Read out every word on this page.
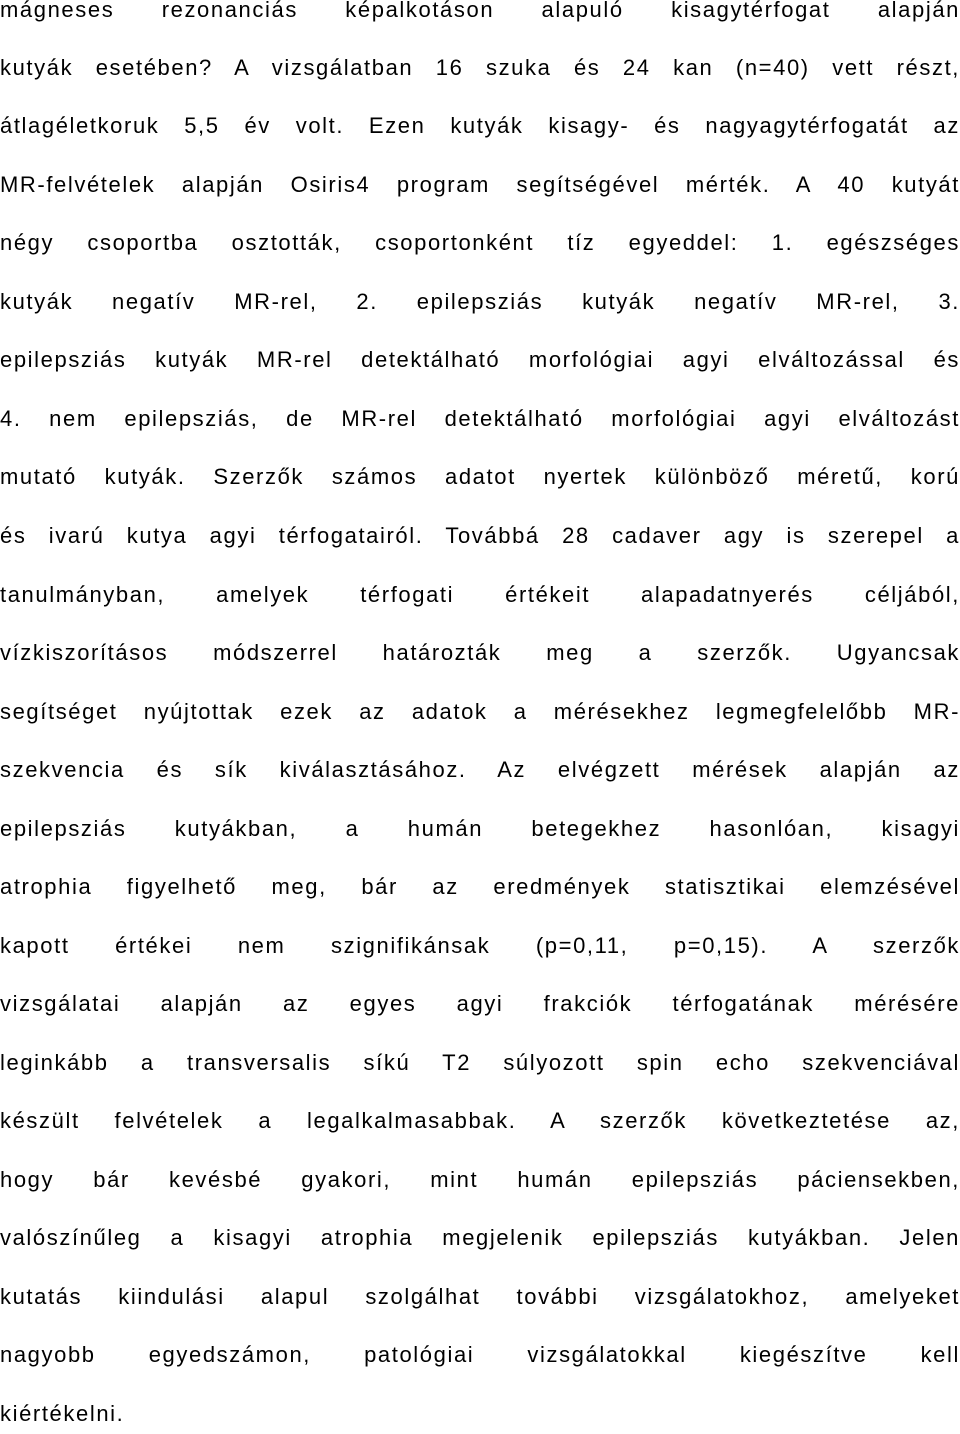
mágneses rezonanciás képalkotáson alapuló kisagytérfogat alapján

kutyák esetében? A vizsgálatban 16 szuka és 24 kan (n=40) vett részt,

átlagéletkoruk 5,5 év volt. Ezen kutyák kisagy- és nagyagytérfogatát az

MR-felvételek alapján Osiris4 program segítségével mérték. A 40 kutyát

négy csoportba osztották, csoportonként tíz egyeddel: 1. egészséges

kutyák negatív MR-rel, 2. epilepsziás kutyák negatív MR-rel, 3.

epilepsziás kutyák MR-rel detektálható morfológiai agyi elváltozással és

4. nem epilepsziás, de MR-rel detektálható morfológiai agyi elváltozást

mutató kutyák. Szerzők számos adatot nyertek különböző méretű, korú

és ivarú kutya agyi térfogatairól. Továbbá 28 cadaver agy is szerepel a

tanulmányban, amelyek térfogati értékeit alapadatnyerés céljából,

vízkiszorításos módszerrel határozták meg a szerzők. Ugyancsak

segítséget nyújtottak ezek az adatok a mérésekhez legmegfelelőbb MR-

szekvencia és sík kiválasztásához. Az elvégzett mérések alapján az

epilepsziás kutyákban, a humán betegekhez hasonlóan, kisagyi

atrophia figyelhető meg, bár az eredmények statisztikai elemzésével

kapott értékei nem szignifikánsak (p=0,11, p=0,15). A szerzők

vizsgálatai alapján az egyes agyi frakciók térfogatának mérésére

leginkább a transversalis síkú T2 súlyozott spin echo szekvenciával

készült felvételek a legalkalmasabbak. A szerzők következtetése az,

hogy bár kevésbé gyakori, mint humán epilepsziás páciensekben,

valószínűleg a kisagyi atrophia megjelenik epilepsziás kutyákban. Jelen

kutatás kiindulási alapul szolgálhat további vizsgálatokhoz, amelyeket

nagyobb egyedszámon, patológiai vizsgálatokkal kiegészítve kell

kiértékelni.
